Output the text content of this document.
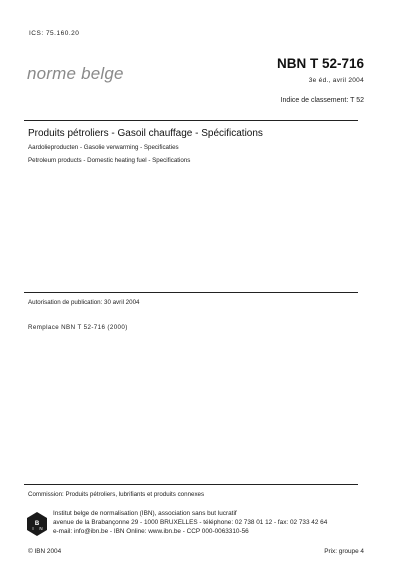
ICS: 75.160.20
norme belge
NBN T 52-716
3e éd., avril 2004
Indice de classement: T 52
Produits pétroliers - Gasoil chauffage - Spécifications
Aardolieproducten - Gasolie verwarming - Specificaties
Petroleum products - Domestic heating fuel - Specifications
Autorisation de publication: 30 avril 2004
Remplace NBN T 52-716 (2000)
Commission: Produits pétroliers, lubrifiants et produits connexes
B
I N
Institut belge de normalisation (IBN), association sans but lucratif
avenue de la Brabançonne 29 - 1000 BRUXELLES - téléphone: 02 738 01 12 - fax: 02 733 42 64
e-mail: info@ibn.be - IBN Online: www.ibn.be - CCP 000-0063310-56
© IBN 2004	Prix: groupe 4
